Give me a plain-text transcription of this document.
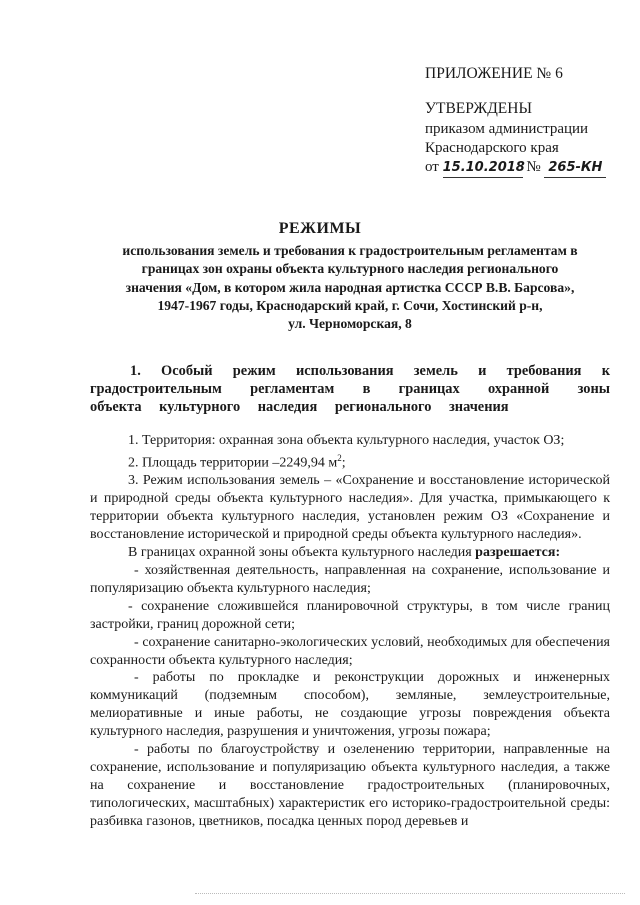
ПРИЛОЖЕНИЕ № 6
УТВЕРЖДЕНЫ
приказом администрации
Краснодарского края
от 15.10.2018 № 265-КН
РЕЖИМЫ
использования земель и требования к градостроительным регламентам в
границах зон охраны объекта культурного наследия регионального
значения «Дом, в котором жила народная артистка СССР В.В. Барсова»,
1947-1967 годы, Краснодарский край, г. Сочи, Хостинский р-н,
ул. Черноморская, 8
1. Особый режим использования земель и требования к градостроительным регламентам в границах охранной зоны объекта культурного наследия регионального значения

1. Территория: охранная зона объекта культурного наследия, участок ОЗ;

2. Площадь территории –2249,94 $м^2$;

3. Режим использования земель – «Сохранение и восстановление исторической и природной среды объекта культурного наследия». Для участка, примыкающего к территории объекта культурного наследия, установлен режим ОЗ «Сохранение и восстановление исторической и природной среды объекта культурного наследия».

В границах охранной зоны объекта культурного наследия разрешается:

- хозяйственная деятельность, направленная на сохранение, использование и популяризацию объекта культурного наследия;

- сохранение сложившейся планировочной структуры, в том числе границ застройки, границ дорожной сети;

- сохранение санитарно-экологических условий, необходимых для обеспечения сохранности объекта культурного наследия;

- работы по прокладке и реконструкции дорожных и инженерных коммуникаций (подземным способом), земляные, землеустроительные, мелиоративные и иные работы, не создающие угрозы повреждения объекта культурного наследия, разрушения и уничтожения, угрозы пожара;

- работы по благоустройству и озеленению территории, направленные на сохранение, использование и популяризацию объекта культурного наследия, а также на сохранение и восстановление градостроительных (планировочных, типологических, масштабных) характеристик его историко-градостроительной среды: разбивка газонов, цветников, посадка ценных пород деревьев и
